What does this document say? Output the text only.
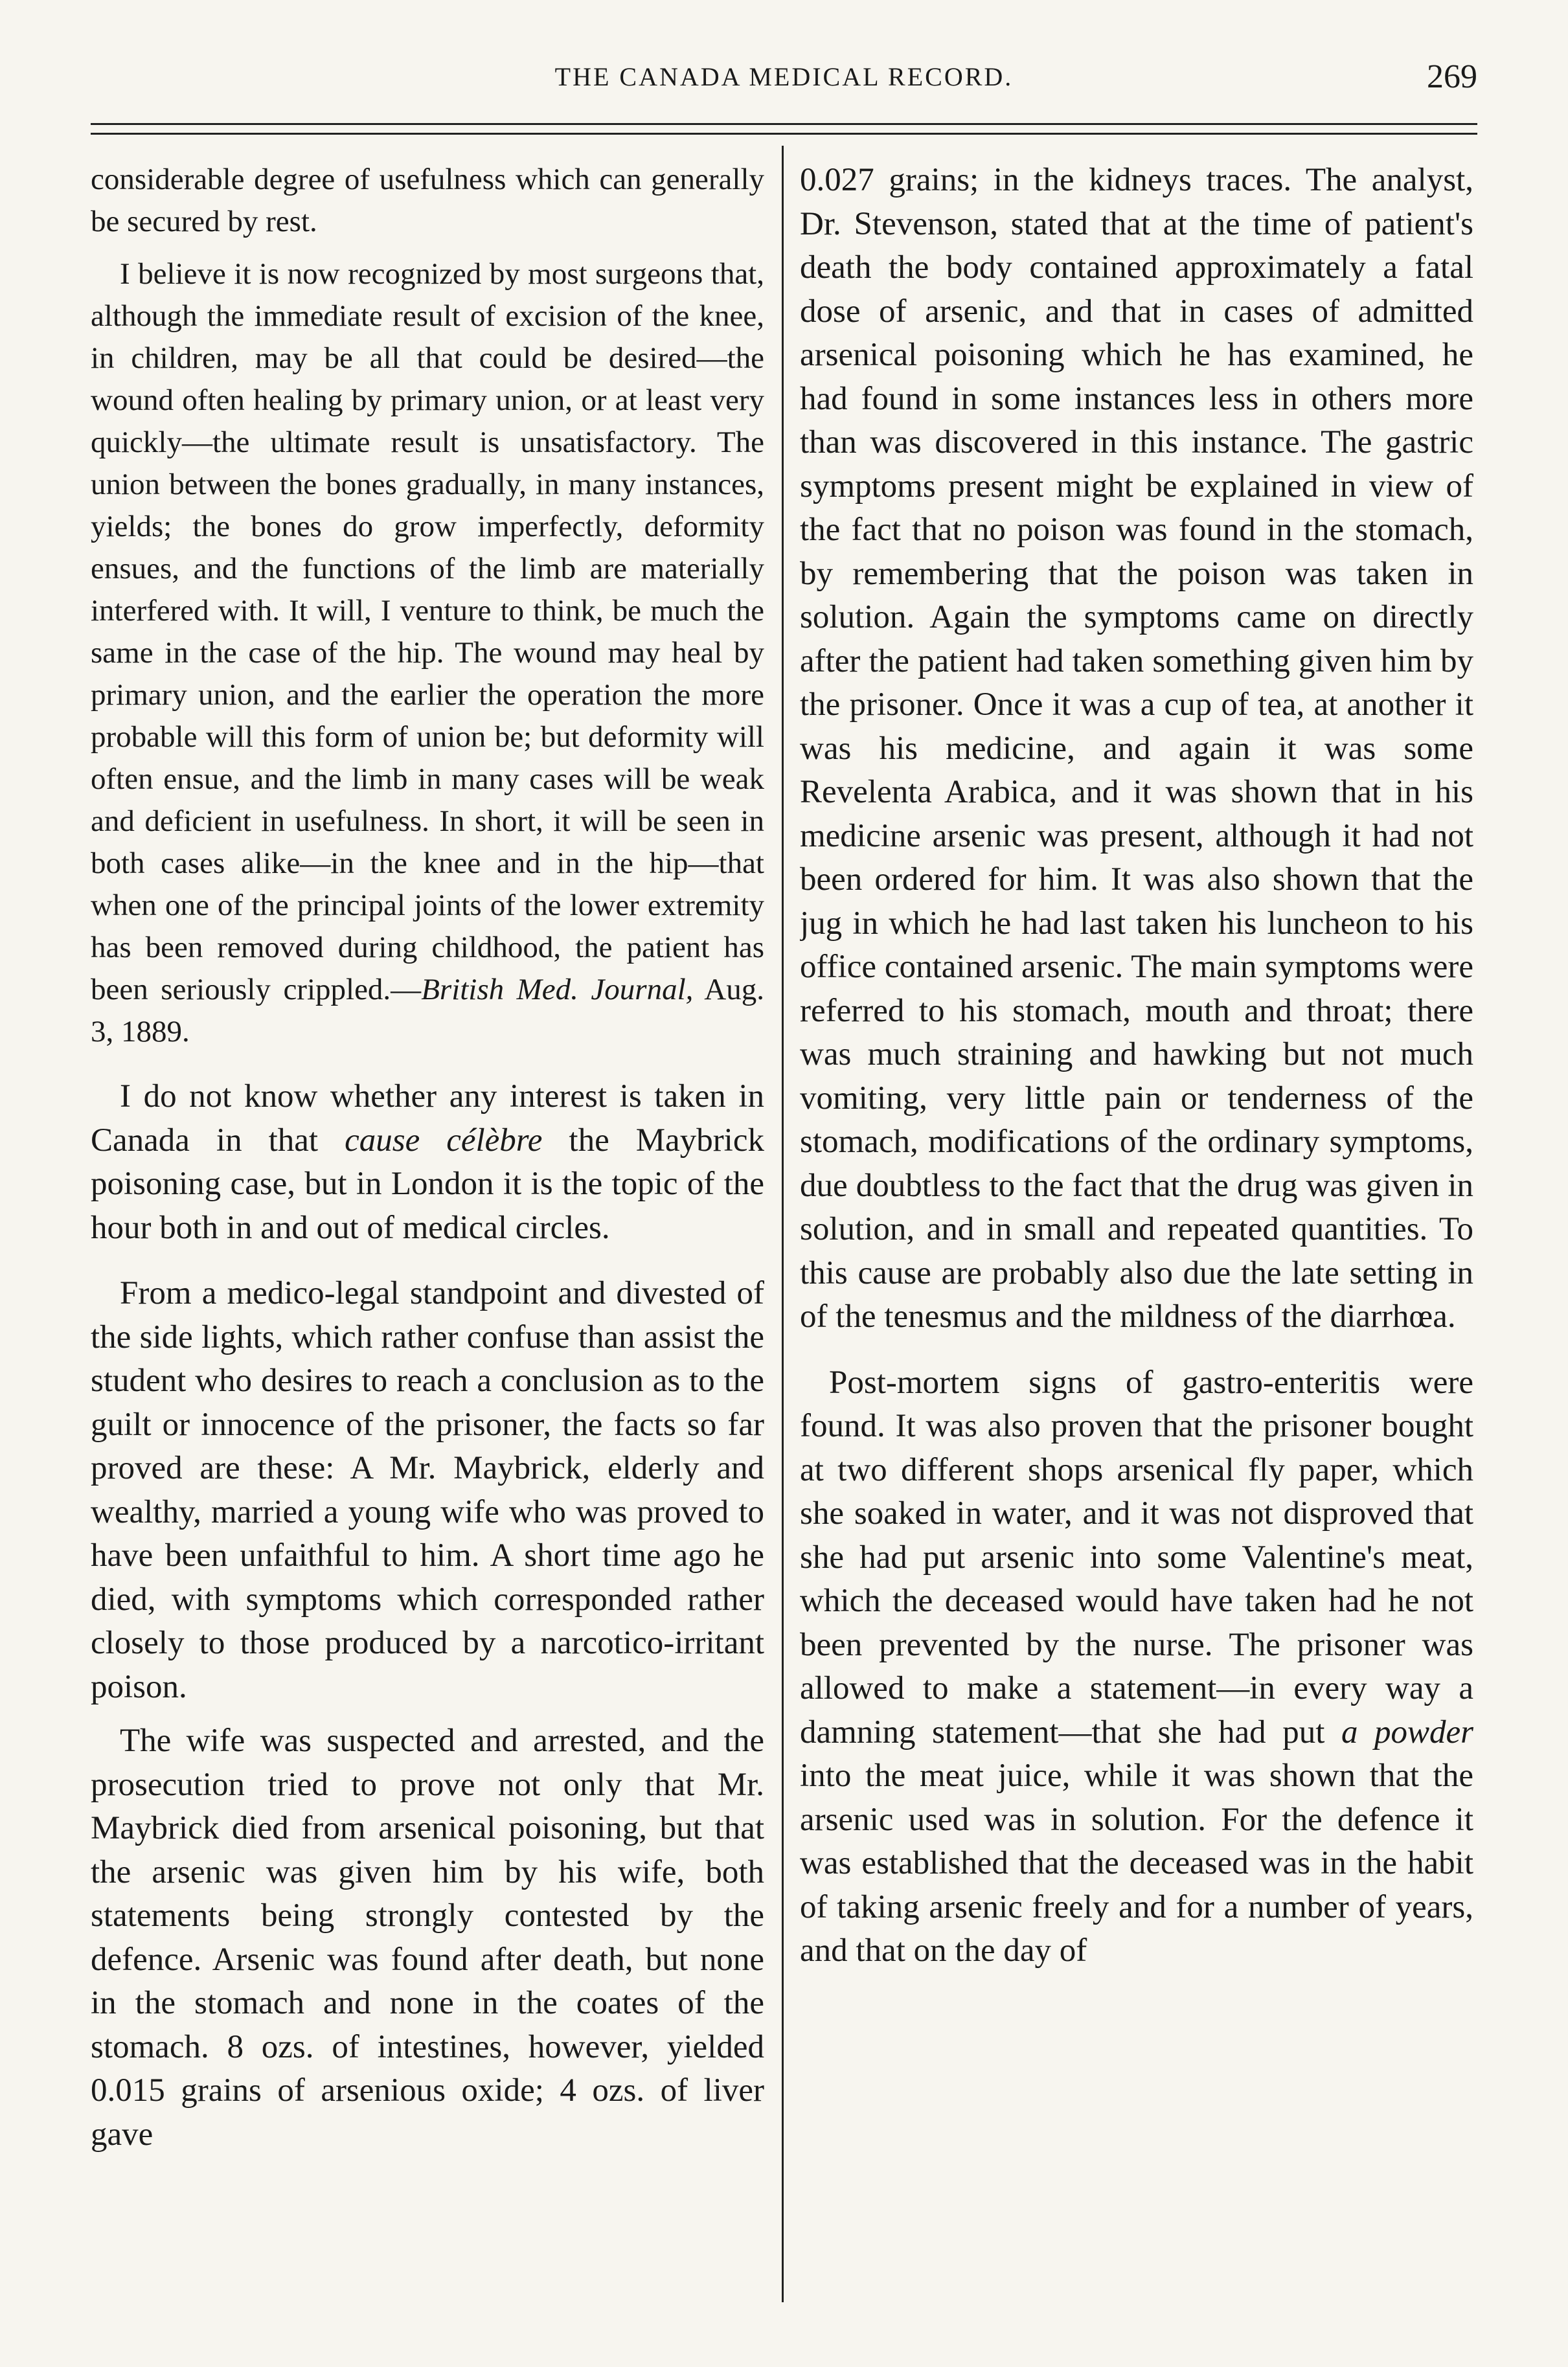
THE CANADA MEDICAL RECORD.	269

considerable degree of usefulness which can generally be secured by rest.

I believe it is now recognized by most surgeons that, although the immediate result of excision of the knee, in children, may be all that could be desired—the wound often healing by primary union, or at least very quickly—the ultimate result is unsatisfactory. The union between the bones gradually, in many instances, yields; the bones do grow imperfectly, deformity ensues, and the functions of the limb are materially interfered with. It will, I venture to think, be much the same in the case of the hip. The wound may heal by primary union, and the earlier the operation the more probable will this form of union be; but deformity will often ensue, and the limb in many cases will be weak and deficient in usefulness. In short, it will be seen in both cases alike—in the knee and in the hip—that when one of the principal joints of the lower extremity has been removed during childhood, the patient has been seriously crippled.—British Med. Journal, Aug. 3, 1889.

I do not know whether any interest is taken in Canada in that cause célèbre the Maybrick poisoning case, but in London it is the topic of the hour both in and out of medical circles.

From a medico-legal standpoint and divested of the side lights, which rather confuse than assist the student who desires to reach a conclusion as to the guilt or innocence of the prisoner, the facts so far proved are these: A Mr. Maybrick, elderly and wealthy, married a young wife who was proved to have been unfaithful to him. A short time ago he died, with symptoms which corresponded rather closely to those produced by a narcotico-irritant poison.

The wife was suspected and arrested, and the prosecution tried to prove not only that Mr. Maybrick died from arsenical poisoning, but that the arsenic was given him by his wife, both statements being strongly contested by the defence. Arsenic was found after death, but none in the stomach and none in the coates of the stomach. 8 ozs. of intestines, however, yielded 0.015 grains of arsenious oxide; 4 ozs. of liver gave

0.027 grains; in the kidneys traces. The analyst, Dr. Stevenson, stated that at the time of patient's death the body contained approximately a fatal dose of arsenic, and that in cases of admitted arsenical poisoning which he has examined, he had found in some instances less in others more than was discovered in this instance. The gastric symptoms present might be explained in view of the fact that no poison was found in the stomach, by remembering that the poison was taken in solution. Again the symptoms came on directly after the patient had taken something given him by the prisoner. Once it was a cup of tea, at another it was his medicine, and again it was some Revelenta Arabica, and it was shown that in his medicine arsenic was present, although it had not been ordered for him. It was also shown that the jug in which he had last taken his luncheon to his office contained arsenic. The main symptoms were referred to his stomach, mouth and throat; there was much straining and hawking but not much vomiting, very little pain or tenderness of the stomach, modifications of the ordinary symptoms, due doubtless to the fact that the drug was given in solution, and in small and repeated quantities. To this cause are probably also due the late setting in of the tenesmus and the mildness of the diarrhœa.

Post-mortem signs of gastro-enteritis were found. It was also proven that the prisoner bought at two different shops arsenical fly paper, which she soaked in water, and it was not disproved that she had put arsenic into some Valentine's meat, which the deceased would have taken had he not been prevented by the nurse. The prisoner was allowed to make a statement—in every way a damning statement—that she had put a powder into the meat juice, while it was shown that the arsenic used was in solution. For the defence it was established that the deceased was in the habit of taking arsenic freely and for a number of years, and that on the day of
